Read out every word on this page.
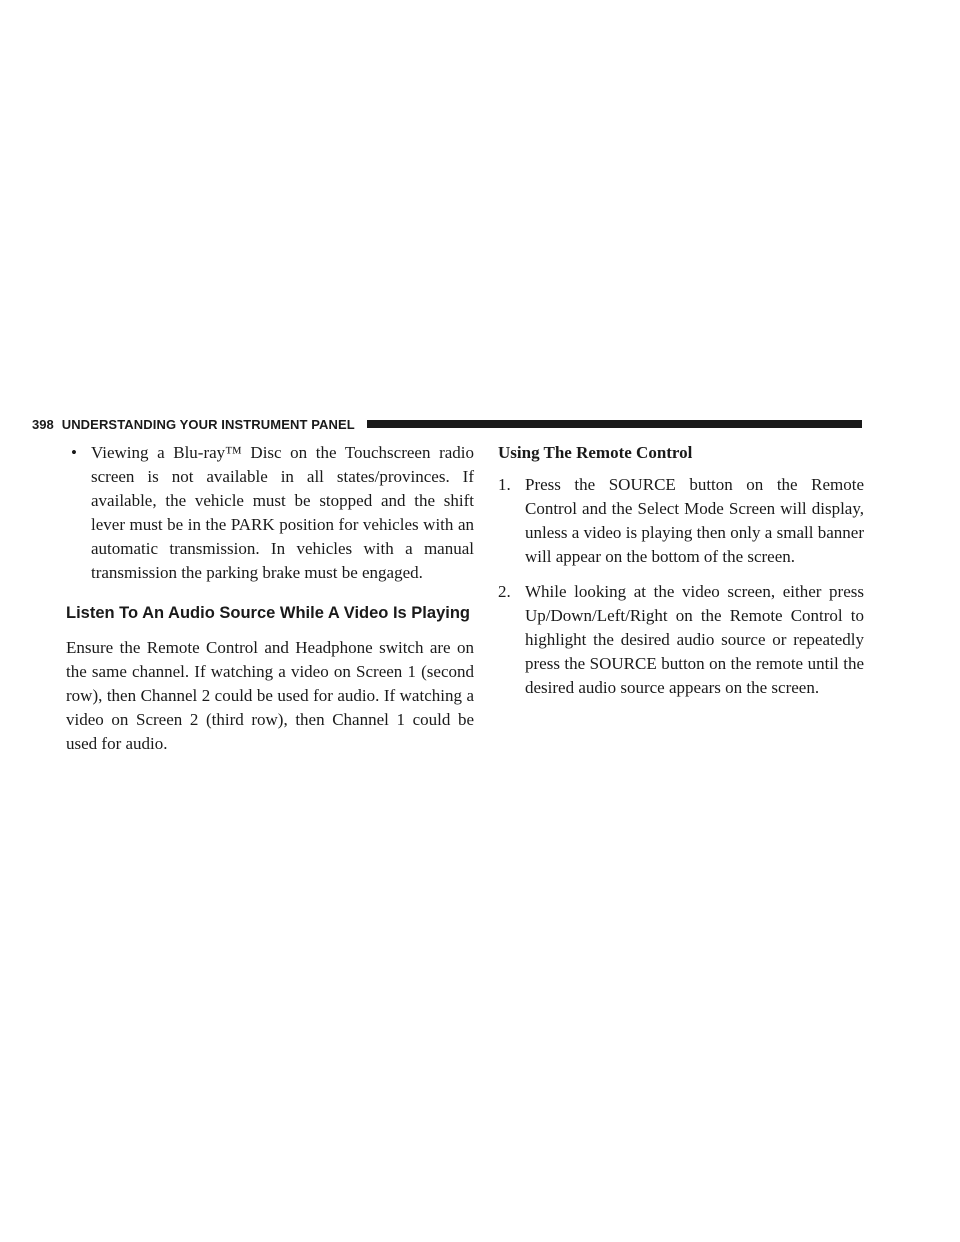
398 UNDERSTANDING YOUR INSTRUMENT PANEL

• Viewing a Blu-ray™ Disc on the Touchscreen radio screen is not available in all states/provinces. If available, the vehicle must be stopped and the shift lever must be in the PARK position for vehicles with an automatic transmission. In vehicles with a manual transmission the parking brake must be engaged.

Listen To An Audio Source While A Video Is Playing

Ensure the Remote Control and Headphone switch are on the same channel. If watching a video on Screen 1 (second row), then Channel 2 could be used for audio. If watching a video on Screen 2 (third row), then Channel 1 could be used for audio.

Using The Remote Control
1. Press the SOURCE button on the Remote Control and the Select Mode Screen will display, unless a video is playing then only a small banner will appear on the bottom of the screen.
2. While looking at the video screen, either press Up/Down/Left/Right on the Remote Control to highlight the desired audio source or repeatedly press the SOURCE button on the remote until the desired audio source appears on the screen.
